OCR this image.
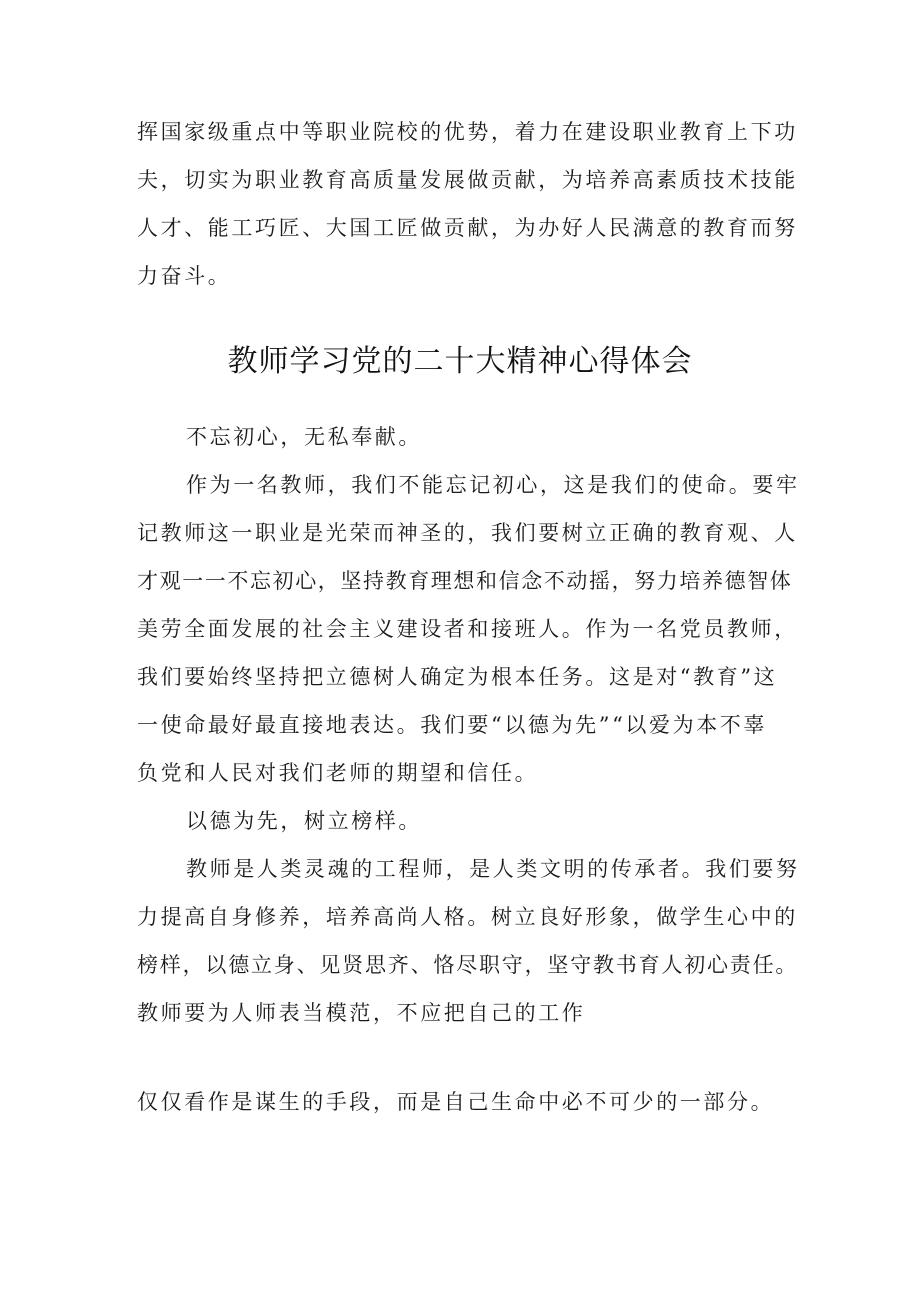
挥国家级重点中等职业院校的优势，着力在建设职业教育上下功

夫，切实为职业教育高质量发展做贡献，为培养高素质技术技能

人才、能工巧匠、大国工匠做贡献，为办好人民满意的教育而努

力奋斗。

教师学习党的二十大精神心得体会

不忘初心，无私奉献。

作为一名教师，我们不能忘记初心，这是我们的使命。要牢

记教师这一职业是光荣而神圣的，我们要树立正确的教育观、人

才观一一不忘初心，坚持教育理想和信念不动摇，努力培养德智体

美劳全面发展的社会主义建设者和接班人。作为一名党员教师，

我们要始终坚持把立德树人确定为根本任务。这是对“教育”这

一使命最好最直接地表达。我们要“以德为先”“以爱为本不辜

负党和人民对我们老师的期望和信任。

以德为先，树立榜样。

教师是人类灵魂的工程师，是人类文明的传承者。我们要努

力提高自身修养，培养高尚人格。树立良好形象，做学生心中的

榜样，以德立身、见贤思齐、恪尽职守，坚守教书育人初心责任。

教师要为人师表当模范，不应把自己的工作

仅仅看作是谋生的手段，而是自己生命中必不可少的一部分。
